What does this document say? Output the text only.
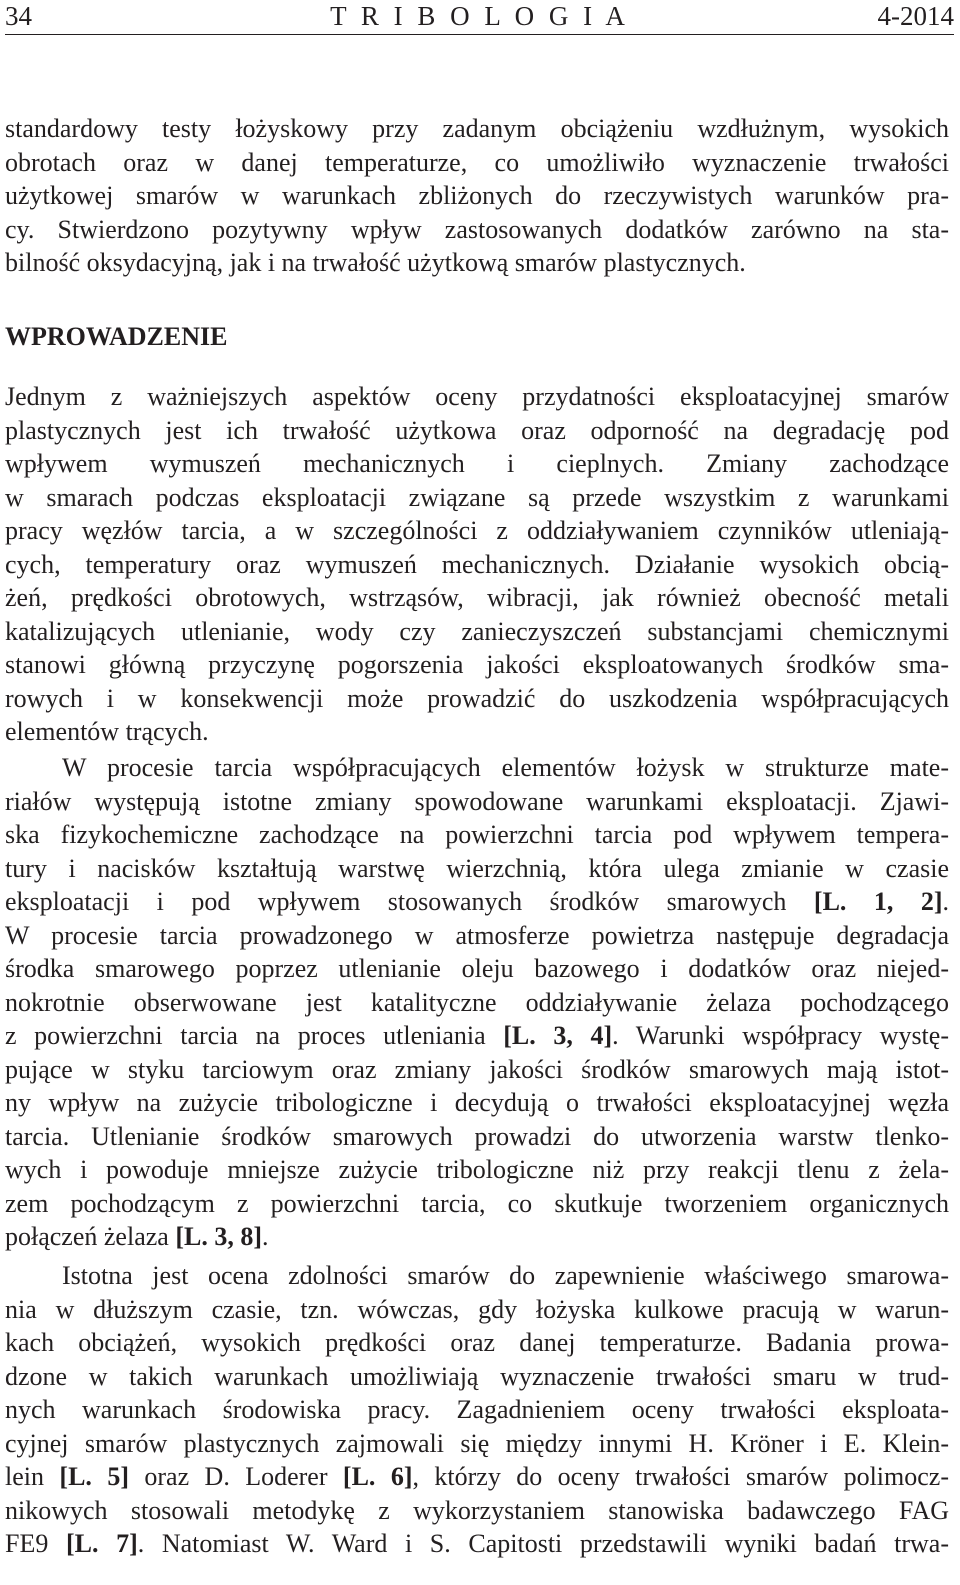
34	T R I B O L O G I A	4-2014
standardowy testy łożyskowy przy zadanym obciążeniu wzdłużnym, wysokich
obrotach oraz w danej temperaturze, co umożliwiło wyznaczenie trwałości
użytkowej smarów w warunkach zbliżonych do rzeczywistych warunków pra-
cy. Stwierdzono pozytywny wpływ zastosowanych dodatków zarówno na sta-
bilność oksydacyjną, jak i na trwałość użytkową smarów plastycznych.
WPROWADZENIE
Jednym z ważniejszych aspektów oceny przydatności eksploatacyjnej smarów
plastycznych jest ich trwałość użytkowa oraz odporność na degradację pod
wpływem wymuszeń mechanicznych i cieplnych. Zmiany zachodzące
w smarach podczas eksploatacji związane są przede wszystkim z warunkami
pracy węzłów tarcia, a w szczególności z oddziaływaniem czynników utleniają-
cych, temperatury oraz wymuszeń mechanicznych. Działanie wysokich obcią-
żeń, prędkości obrotowych, wstrząsów, wibracji, jak również obecność metali
katalizujących utlenianie, wody czy zanieczyszczeń substancjami chemicznymi
stanowi główną przyczynę pogorszenia jakości eksploatowanych środków sma-
rowych i w konsekwencji może prowadzić do uszkodzenia współpracujących
elementów trących.
W procesie tarcia współpracujących elementów łożysk w strukturze mate-
riałów występują istotne zmiany spowodowane warunkami eksploatacji. Zjawi-
ska fizykochemiczne zachodzące na powierzchni tarcia pod wpływem tempera-
tury i nacisków kształtują warstwę wierzchnią, która ulega zmianie w czasie
eksploatacji i pod wpływem stosowanych środków smarowych [L. 1, 2].
W procesie tarcia prowadzonego w atmosferze powietrza następuje degradacja
środka smarowego poprzez utlenianie oleju bazowego i dodatków oraz niejed-
nokrotnie obserwowane jest katalityczne oddziaływanie żelaza pochodzącego
z powierzchni tarcia na proces utleniania [L. 3, 4]. Warunki współpracy wystę-
pujące w styku tarciowym oraz zmiany jakości środków smarowych mają istot-
ny wpływ na zużycie tribologiczne i decydują o trwałości eksploatacyjnej węzła
tarcia. Utlenianie środków smarowych prowadzi do utworzenia warstw tlenko-
wych i powoduje mniejsze zużycie tribologiczne niż przy reakcji tlenu z żela-
zem pochodzącym z powierzchni tarcia, co skutkuje tworzeniem organicznych
połączeń żelaza [L. 3, 8].
Istotna jest ocena zdolności smarów do zapewnienie właściwego smarowa-
nia w dłuższym czasie, tzn. wówczas, gdy łożyska kulkowe pracują w warun-
kach obciążeń, wysokich prędkości oraz danej temperaturze. Badania prowa-
dzone w takich warunkach umożliwiają wyznaczenie trwałości smaru w trud-
nych warunkach środowiska pracy. Zagadnieniem oceny trwałości eksploata-
cyjnej smarów plastycznych zajmowali się między innymi H. Kröner i E. Klein-
lein [L. 5] oraz D. Loderer [L. 6], którzy do oceny trwałości smarów polimocz-
nikowych stosowali metodykę z wykorzystaniem stanowiska badawczego FAG
FE9 [L. 7]. Natomiast W. Ward i S. Capitosti przedstawili wyniki badań trwa-
